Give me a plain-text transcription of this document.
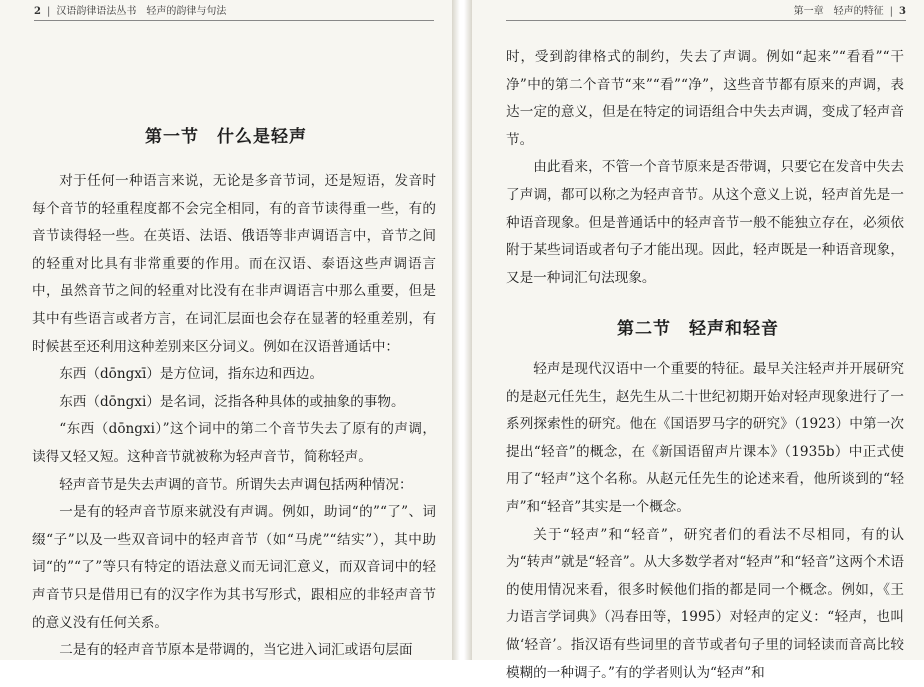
2 | 汉语韵律语法丛书  轻声的韵律与句法
第一节　什么是轻声

对于任何一种语言来说，无论是多音节词，还是短语，发音时每个音节的轻重程度都不会完全相同，有的音节读得重一些，有的音节读得轻一些。在英语、法语、俄语等非声调语言中，音节之间的轻重对比具有非常重要的作用。而在汉语、泰语这些声调语言中，虽然音节之间的轻重对比没有在非声调语言中那么重要，但是其中有些语言或者方言，在词汇层面也会存在显著的轻重差别，有时候甚至还利用这种差别来区分词义。例如在汉语普通话中：

东西（dōngxī）是方位词，指东边和西边。

东西（dōngxi）是名词，泛指各种具体的或抽象的事物。

“东西（dōngxi）”这个词中的第二个音节失去了原有的声调，读得又轻又短。这种音节就被称为轻声音节，简称轻声。

轻声音节是失去声调的音节。所谓失去声调包括两种情况：

一是有的轻声音节原来就没有声调。例如，助词“的”“了”、词缀“子”以及一些双音词中的轻声音节（如“马虎”“结实”），其中助词“的”“了”等只有特定的语法意义而无词汇意义，而双音词中的轻声音节只是借用已有的汉字作为其书写形式，跟相应的非轻声音节的意义没有任何关系。

二是有的轻声音节原本是带调的，当它进入词汇或语句层面

第一章　轻声的特征 | 3

时，受到韵律格式的制约，失去了声调。例如“起来”“看看”“干净”中的第二个音节“来”“看”“净”，这些音节都有原来的声调，表达一定的意义，但是在特定的词语组合中失去声调，变成了轻声音节。

由此看来，不管一个音节原来是否带调，只要它在发音中失去了声调，都可以称之为轻声音节。从这个意义上说，轻声首先是一种语音现象。但是普通话中的轻声音节一般不能独立存在，必须依附于某些词语或者句子才能出现。因此，轻声既是一种语音现象，又是一种词汇句法现象。

第二节　轻声和轻音

轻声是现代汉语中一个重要的特征。最早关注轻声并开展研究的是赵元任先生，赵先生从二十世纪初期开始对轻声现象进行了一系列探索性的研究。他在《国语罗马字的研究》（1923）中第一次提出“轻音”的概念，在《新国语留声片课本》（1935b）中正式使用了“轻声”这个名称。从赵元任先生的论述来看，他所谈到的“轻声”和“轻音”其实是一个概念。

关于“轻声”和“轻音”，研究者们的看法不尽相同，有的认为“转声”就是“轻音”。从大多数学者对“轻声”和“轻音”这两个术语的使用情况来看，很多时候他们指的都是同一个概念。例如，《王力语言学词典》（冯春田等，1995）对轻声的定义：“轻声，也叫做‘轻音’。指汉语有些词里的音节或者句子里的词轻读而音高比较模糊的一种调子。”有的学者则认为“轻声”和
